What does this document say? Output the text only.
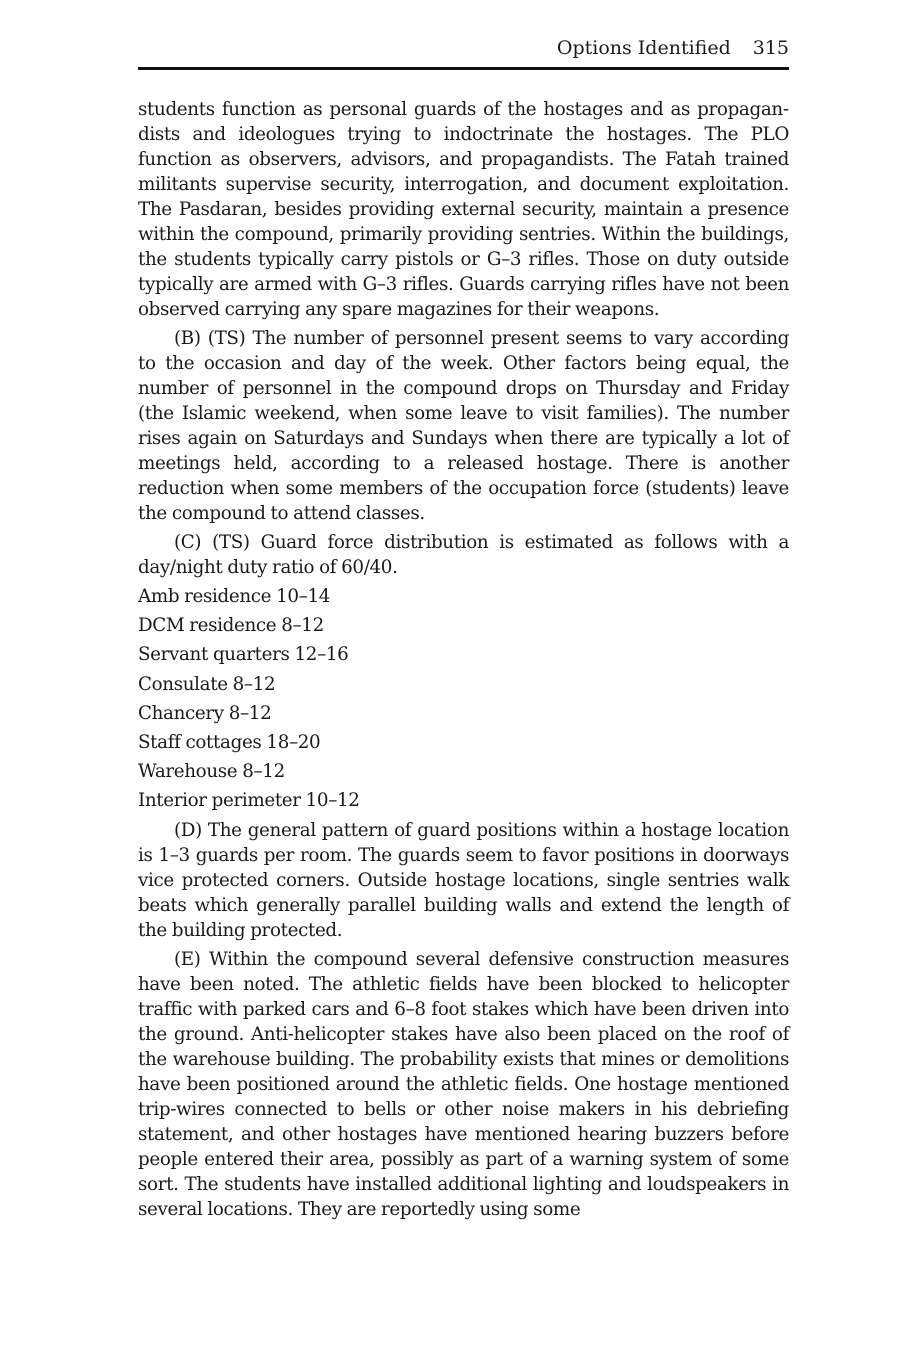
Options Identified 315

students function as personal guards of the hostages and as propagandists and ideologues trying to indoctrinate the hostages. The PLO function as observers, advisors, and propagandists. The Fatah trained militants supervise security, interrogation, and document exploitation. The Pasdaran, besides providing external security, maintain a presence within the compound, primarily providing sentries. Within the buildings, the students typically carry pistols or G–3 rifles. Those on duty outside typically are armed with G–3 rifles. Guards carrying rifles have not been observed carrying any spare magazines for their weapons.

(B) (TS) The number of personnel present seems to vary according to the occasion and day of the week. Other factors being equal, the number of personnel in the compound drops on Thursday and Friday (the Islamic weekend, when some leave to visit families). The number rises again on Saturdays and Sundays when there are typically a lot of meetings held, according to a released hostage. There is another reduction when some members of the occupation force (students) leave the compound to attend classes.

(C) (TS) Guard force distribution is estimated as follows with a day/night duty ratio of 60/40.

Amb residence 10–14
DCM residence 8–12
Servant quarters 12–16
Consulate 8–12
Chancery 8–12
Staff cottages 18–20
Warehouse 8–12
Interior perimeter 10–12

(D) The general pattern of guard positions within a hostage location is 1–3 guards per room. The guards seem to favor positions in doorways vice protected corners. Outside hostage locations, single sentries walk beats which generally parallel building walls and extend the length of the building protected.

(E) Within the compound several defensive construction measures have been noted. The athletic fields have been blocked to helicopter traffic with parked cars and 6–8 foot stakes which have been driven into the ground. Anti-helicopter stakes have also been placed on the roof of the warehouse building. The probability exists that mines or demolitions have been positioned around the athletic fields. One hostage mentioned trip-wires connected to bells or other noise makers in his debriefing statement, and other hostages have mentioned hearing buzzers before people entered their area, possibly as part of a warning system of some sort. The students have installed additional lighting and loudspeakers in several locations. They are reportedly using some
